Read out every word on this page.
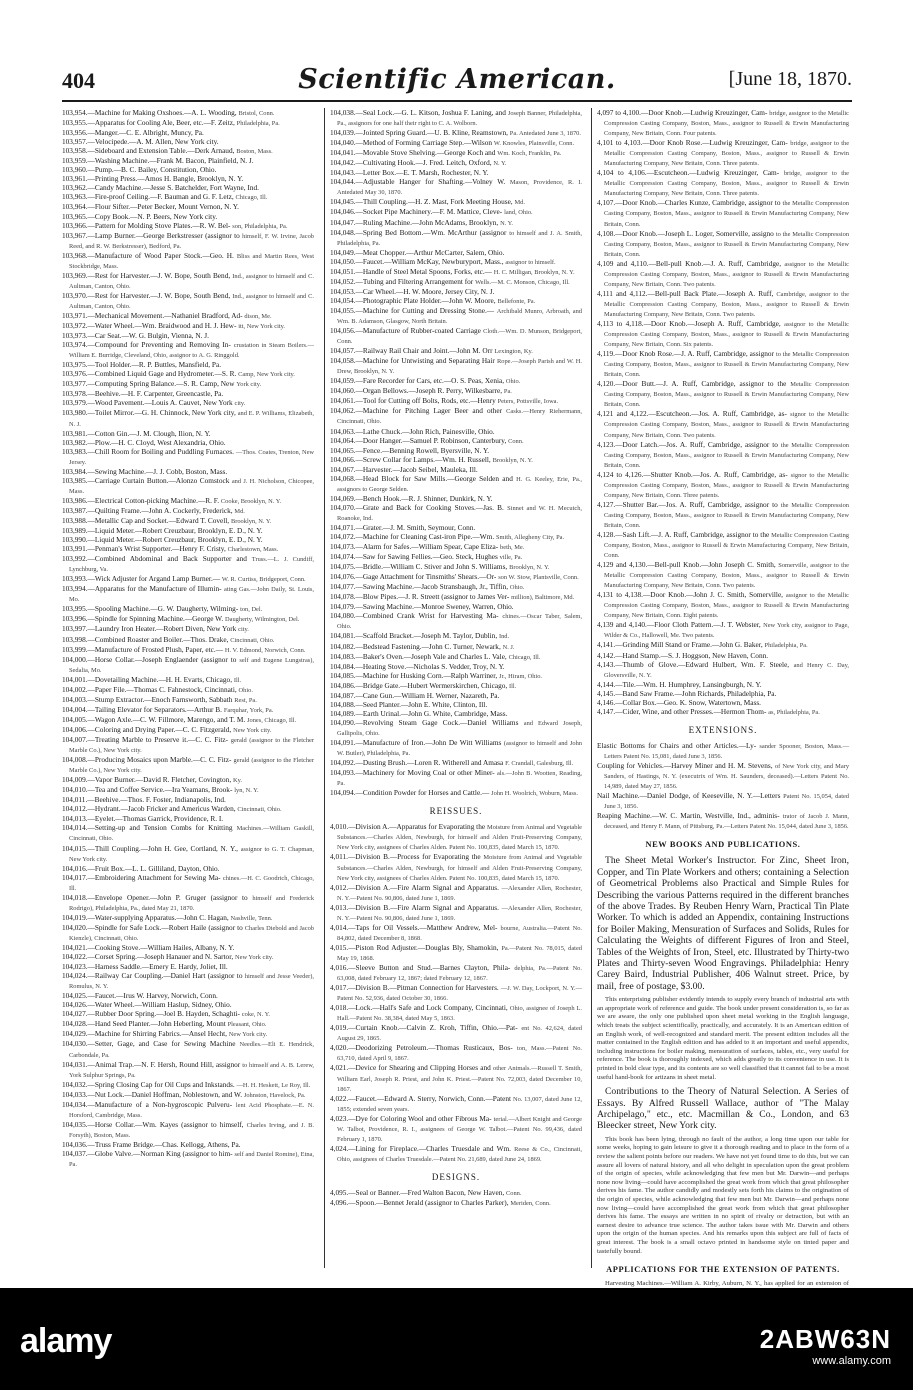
404	Scientific American.	[June 18, 1870.

103,954.—Machine for Making Oxshoes.—A. L. Wooding, Bristol, Conn.

103,955.—Apparatus for Cooling Ale, Beer, etc.—F. Zeitz, Philadelphia, Pa.

103,956.—Manger.—C. E. Albright, Muncy, Pa.

103,957.—Velocipede.—A. M. Allen, New York city.

103,958.—Sideboard and Extension Table.—Derk Arnaud, Boston, Mass.

103,959.—Washing Machine.—Frank M. Bacon, Plainfield, N. J.

103,960.—Pump.—B. C. Bailey, Constitution, Ohio.

103,961.—Printing Press.—Amos H. Bangle, Brooklyn, N. Y.

103,962.—Candy Machine.—Jesse S. Batchelder, Fort Wayne, Ind.

103,963.—Fire-proof Ceiling.—F. Bauman and G. F. Letz, Chicago, Ill.

103,964.—Flour Sifter.—Peter Becker, Mount Vernon, N. Y.

103,965.—Copy Book.—N. P. Beers, New York city.

103,966.—Pattern for Molding Stove Plates.—R. W. Bel- son, Philadelphia, Pa.

103,967.—Lamp Burner.—George Berkstresser (assignor to himself, F. W. Irvine, Jacob Reed, and R. W. Berkstresser), Bedford, Pa.

103,968.—Manufacture of Wood Paper Stock.—Geo. H. Bliss and Martin Rees, West Stockbridge, Mass.

103,969.—Rest for Harvester.—J. W. Bope, South Bend, Ind., assignor to himself and C. Aultman, Canton, Ohio.

103,970.—Rest for Harvester.—J. W. Bope, South Bend, Ind., assignor to himself and C. Aultman, Canton, Ohio.

103,971.—Mechanical Movement.—Nathaniel Bradford, Ad- dison, Me.

103,972.—Water Wheel.—Wm. Braidwood and H. J. Hew- itt, New York city.

103,973.—Car Seat.—W. G. Bulgin, Vienna, N. J.

103,974.—Compound for Preventing and Removing In- crustation in Steam Boilers.—William E. Burridge, Cleveland, Ohio, assignor to A. G. Ringgold.

103,975.—Tool Holder.—R. P. Buttles, Mansfield, Pa.

103,976.—Combined Liquid Gage and Hydrometer.—S. R. Camp, New York city.

103,977.—Computing Spring Balance.—S. R. Camp, New York city.

103,978.—Beehive.—H. F. Carpenter, Greencastle, Pa.

103,979.—Wood Pavement.—Louis A. Cauvet, New York city.

103,980.—Toilet Mirror.—G. H. Chinnock, New York city, and E. P. Williams, Elizabeth, N. J.

103,981.—Cotton Gin.—J. M. Clough, Ilion, N. Y.

103,982.—Plow.—H. C. Cloyd, West Alexandria, Ohio.

103,983.—Chill Room for Boiling and Puddling Furnaces. —Thos. Coates, Trenton, New Jersey.

103,984.—Sewing Machine.—J. J. Cobb, Boston, Mass.

103,985.—Carriage Curtain Button.—Alonzo Comstock and J. H. Nicholson, Chicopee, Mass.

103,986.—Electrical Cotton-picking Machine.—R. F. Cooke, Brooklyn, N. Y.

103,987.—Quilting Frame.—John A. Cockerly, Frederick, Md.

103,988.—Metallic Cap and Socket.—Edward T. Covell, Brooklyn, N. Y.

103,989.—Liquid Meter.—Robert Creuzbaur, Brooklyn, E. D., N. Y.

103,990.—Liquid Meter.—Robert Creuzbaur, Brooklyn, E. D., N. Y.

103,991.—Penman's Wrist Supporter.—Henry F. Cristy, Charlestown, Mass.

103,992.—Combined Abdominal and Back Supporter and Truss.—L. J. Cundiff, Lynchburg, Va.

103,993.—Wick Adjuster for Argand Lamp Burner.— W. R. Curtiss, Bridgeport, Conn.

103,994.—Apparatus for the Manufacture of Illumin- ating Gas.—John Daily, St. Louis, Mo.

103,995.—Spooling Machine.—G. W. Daugherty, Wilming- ton, Del.

103,996.—Spindle for Spinning Machine.—George W. Daugherty, Wilmington, Del.

103,997.—Laundry Iron Heater.—Robert Diven, New York city.

103,998.—Combined Roaster and Boiler.—Thos. Drake, Cincinnati, Ohio.

103,999.—Manufacture of Frosted Plush, Paper, etc.— H. V. Edmond, Norwich, Conn.

104,000.—Horse Collar.—Joseph Englaender (assignor to self and Eugene Lungstras), Sedalia, Mo.

104,001.—Dovetailing Machine.—H. H. Evarts, Chicago, Ill.

104,002.—Paper File.—Thomas C. Fahnestock, Cincinnati, Ohio.

104,003.—Stump Extractor.—Enoch Farnsworth, Sabbath Rest, Pa.

104,004.—Tailing Elevator for Separators.—Arthur B. Farquhar, York, Pa.

104,005.—Wagon Axle.—C. W. Fillmore, Marengo, and T. M. Jones, Chicago, Ill.

104,006.—Coloring and Drying Paper.—C. C. Fitzgerald, New York city.

104,007.—Treating Marble to Preserve it.—C. C. Fitz- gerald (assignor to the Fletcher Marble Co.), New York city.

104,008.—Producing Mosaics upon Marble.—C. C. Fitz- gerald (assignor to the Fletcher Marble Co.), New York city.

104,009.—Vapor Burner.—David R. Fletcher, Covington, Ky.

104,010.—Tea and Coffee Service.—Ira Yeamans, Brook- lyn, N. Y.

104,011.—Beehive.—Thos. F. Foster, Indianapolis, Ind.

104,012.—Hydrant.—Jacob Fricker and Americus Warden, Cincinnati, Ohio.

104,013.—Eyelet.—Thomas Garrick, Providence, R. I.

104,014.—Setting-up and Tension Combs for Knitting Machines.—William Gaskill, Cincinnati, Ohio.

104,015.—Thill Coupling.—John H. Gee, Cortland, N. Y., assignor to G. T. Chapman, New York city.

104,016.—Fruit Box.—L. L. Gilliland, Dayton, Ohio.

104,017.—Embroidering Attachment for Sewing Ma- chines.—H. C. Goodrich, Chicago, Ill.

104,018.—Envelope Opener.—John P. Gruger (assignor to himself and Frederick Rodrigo), Philadelphia, Pa., dated May 21, 1870.

104,019.—Water-supplying Apparatus.—John C. Hagan, Nashville, Tenn.

104,020.—Spindle for Safe Lock.—Robert Haile (assignor to Charles Diebold and Jacob Kienzle), Cincinnati, Ohio.

104,021.—Cooking Stove.—William Hailes, Albany, N. Y.

104,022.—Corset Spring.—Joseph Hanauer and N. Sartor, New York city.

104,023.—Harness Saddle.—Emery E. Hardy, Joliet, Ill.

104,024.—Railway Car Coupling.—Daniel Hart (assignor to himself and Jesse Veeder), Romulus, N. Y.

104,025.—Faucet.—Irus W. Harvey, Norwich, Conn.

104,026.—Water Wheel.—William Haslup, Sidney, Ohio.

104,027.—Rubber Door Spring.—Joel B. Hayden, Schaghti- coke, N. Y.

104,028.—Hand Seed Planter.—John Heberling, Mount Pleasant, Ohio.

104,029.—Machine for Shirring Fabrics.—Ansel Hecht, New York city.

104,030.—Setter, Gage, and Case for Sewing Machine Needles.—Eli E. Hendrick, Carbondale, Pa.

104,031.—Animal Trap.—N. F. Hersh, Round Hill, assignor to himself and A. B. Lerew, York Sulphur Springs, Pa.

104,032.—Spring Closing Cap for Oil Cups and Inkstands. —H. H. Heskett, Le Roy, Ill.

104,033.—Nut Lock.—Daniel Hoffman, Noblestown, and W. Johnston, Havelock, Pa.

104,034.—Manufacture of a Non-hygroscopic Pulveru- lent Acid Phosphate.—E. N. Horsford, Cambridge, Mass.

104,035.—Horse Collar.—Wm. Kayes (assignor to himself, Charles Irving, and J. B. Forsyth), Boston, Mass.

104,036.—Truss Frame Bridge.—Chas. Kellogg, Athens, Pa.

104,037.—Globe Valve.—Norman King (assignor to him- self and Daniel Romine), Etna, Pa.

104,038.—Seal Lock.—G. L. Kitson, Joshua F. Laning, and Joseph Banner, Philadelphia, Pa., assignors for one half their right to C. A. Wolborn.

104,039.—Jointed Spring Guard.—U. B. Kline, Reamstown, Pa. Antedated June 3, 1870.

104,040.—Method of Forming Carriage Step.—Wilson W. Knowles, Plainsville, Conn.

104,041.—Movable Stove Shelving.—George Koch and Wm. Koch, Franklin, Pa.

104,042.—Cultivating Hook.—J. Fred. Leitch, Oxford, N. Y.

104,043.—Letter Box.—E. T. Marsh, Rochester, N. Y.

104,044.—Adjustable Hanger for Shafting.—Volney W. Mason, Providence, R. I. Antedated May 30, 1870.

104,045.—Thill Coupling.—H. Z. Mast, Fork Meeting House, Md.

104,046.—Socket Pipe Machinery.—F. M. Mattice, Cleve- land, Ohio.

104,047.—Ruling Machine.—John McAdams, Brooklyn, N. Y.

104,048.—Spring Bed Bottom.—Wm. McArthur (assignor to himself and J. A. Smith, Philadelphia, Pa.

104,049.—Meat Chopper.—Arthur McCarter, Salem, Ohio.

104,050.—Faucet.—William McKay, Newburyport, Mass., assignor to himself.

104,051.—Handle of Steel Metal Spoons, Forks, etc.— H. C. Milligan, Brooklyn, N. Y.

104,052.—Tubing and Filtering Arrangement for Wells.—M. C. Monson, Chicago, Ill.

104,053.—Car Wheel.—H. W. Moore, Jersey City, N. J.

104,054.—Photographic Plate Holder.—John W. Moore, Bellefonte, Pa.

104,055.—Machine for Cutting and Dressing Stone.— Archibald Munro, Arbroath, and Wm. B. Adamson, Glasgow, North Britain.

104,056.—Manufacture of Rubber-coated Carriage Cloth.—Wm. D. Munson, Bridgeport, Conn.

104,057.—Railway Rail Chair and Joint.—John M. Orr Lexington, Ky.

104,058.—Machine for Untwisting and Separating Hair Rope.—Joseph Parish and W. H. Drew, Brooklyn, N. Y.

104,059.—Fare Recorder for Cars, etc.—O. S. Peas, Xenia, Ohio.

104,060.—Organ Bellows.—Joseph R. Perry, Wilkesbarre, Pa.

104,061.—Tool for Cutting off Bolts, Rods, etc.—Henry Peters, Pottsville, Iowa.

104,062.—Machine for Pitching Lager Beer and other Casks.—Henry Riehermann, Cincinnati, Ohio.

104,063.—Lathe Chuck.—John Rich, Painesville, Ohio.

104,064.—Door Hanger.—Samuel P. Robinson, Canterbury, Conn.

104,065.—Fence.—Benning Rowell, Byersville, N. Y.

104,066.—Screw Collar for Lamps.—Wm. H. Russell, Brooklyn, N. Y.

104,067.—Harvester.—Jacob Seibel, Mauleka, Ill.

104,068.—Head Block for Saw Mills.—George Selden and H. G. Keeley, Erie, Pa., assignors to George Selden.

104,069.—Bench Hook.—R. J. Shinner, Dunkirk, N. Y.

104,070.—Grate and Back for Cooking Stoves.—Jas. B. Sinnet and W. H. Mecutch, Roanoke, Ind.

104,071.—Grater.—J. M. Smith, Seymour, Conn.

104,072.—Machine for Cleaning Cast-iron Pipe.—Wm. Smith, Allegheny City, Pa.

104,073.—Alarm for Safes.—William Spear, Cape Eliza- beth, Me.

104,074.—Saw for Sawing Fellies.—Geo. Steck, Hughes ville, Pa.

104,075.—Bridle.—William C. Stiver and John S. Williams, Brooklyn, N. Y.

104,076.—Gage Attachment for Tinsmiths' Shears.—Or- son W. Stow, Plantsville, Conn.

104,077.—Sawing Machine.—Jacob Stransbaugh, Jr., Tiffin, Ohio.

104,078.—Blow Pipes.—J. R. Streett (assignor to James Ver- million), Baltimore, Md.

104,079.—Sawing Machine.—Monroe Sweney, Warren, Ohio.

104,080.—Combined Crank Wrist for Harvesting Ma- chines.—Oscar Taber, Salem, Ohio.

104,081.—Scaffold Bracket.—Joseph M. Taylor, Dublin, Ind.

104,082.—Bedstead Fastening.—John C. Turner, Newark, N. J.

104,083.—Baker's Oven.—Joseph Vale and Charles L. Vale, Chicago, Ill.

104,084.—Heating Stove.—Nicholas S. Vedder, Troy, N. Y.

104,085.—Machine for Husking Corn.—Ralph Warriner, Jr., Hiram, Ohio.

104,086.—Bridge Gate.—Hubert Wermerskirchen, Chicago, Ill.

104,087.—Cane Gun.—William H. Werner, Nazareth, Pa.

104,088.—Seed Planter.—John E. White, Clinton, Ill.

104,089.—Earth Urinal.—John G. White, Cambridge, Mass.

104,090.—Revolving Steam Gage Cock.—Daniel Williams and Edward Joseph, Gallipolis, Ohio.

104,091.—Manufacture of Iron.—John De Witt Williams (assignor to himself and John W. Butler), Philadelphia, Pa.

104,092.—Dusting Brush.—Loren R. Witherell and Amasa F. Crandall, Galesburg, Ill.

104,093.—Machinery for Moving Coal or other Miner- als.—John B. Wootten, Reading, Pa.

104,094.—Condition Powder for Horses and Cattle.— John H. Woolrich, Woburn, Mass.

REISSUES.

4,010.—Division A.—Apparatus for Evaporating the Moisture from Animal and Vegetable Substances.—Charles Alden, Newburgh, for himself and Alden Fruit-Preserving Company, New York city, assignees of Charles Alden. Patent No. 100,835, dated March 15, 1870.

4,011.—Division B.—Process for Evaporating the Moisture from Animal and Vegetable Substances.—Charles Alden, Newburgh, for himself and Alden Fruit-Preserving Company, New York city, assignees of Charles Alden. Patent No. 100,835, dated March 15, 1870.

4,012.—Division A.—Fire Alarm Signal and Apparatus. —Alexander Allen, Rochester, N. Y.—Patent No. 90,806, dated June 1, 1869.

4,013.—Division B.—Fire Alarm Signal and Apparatus. —Alexander Allen, Rochester, N. Y.—Patent No. 90,806, dated June 1, 1869.

4,014.—Taps for Oil Vessels.—Matthew Andrew, Mel- bourne, Australia.—Patent No. 84,802, dated December 8, 1868.

4,015.—Piston Rod Adjuster.—Douglas Bly, Shamokin, Pa.—Patent No. 78,015, dated May 19, 1868.

4,016.—Sleeve Button and Stud.—Barnes Clayton, Phila- delphia, Pa.—Patent No. 63,008, dated February 12, 1867; dated February 12, 1867.

4,017.—Division B.—Pitman Connection for Harvesters. —J. W. Day, Lockport, N. Y.—Patent No. 52,936, dated October 30, 1866.

4,018.—Lock.—Hall's Safe and Lock Company, Cincinnati, Ohio, assignee of Joseph L. Hall.—Patent No. 38,384, dated May 5, 1863.

4,019.—Curtain Knob.—Calvin Z. Kroh, Tiffin, Ohio.—Pat- ent No. 42,624, dated August 29, 1865.

4,020.—Deodorizing Petroleum.—Thomas Rusticaux, Bos- ton, Mass.—Patent No. 63,710, dated April 9, 1867.

4,021.—Device for Shearing and Clipping Horses and other Animals.—Russell T. Smith, William Earl, Joseph R. Priest, and John K. Priest.—Patent No. 72,003, dated December 10, 1867.

4,022.—Faucet.—Edward A. Sterry, Norwich, Conn.—Patent No. 13,007, dated June 12, 1855; extended seven years.

4,023.—Dye for Coloring Wool and other Fibrous Ma- terial.—Albert Knight and George W. Talbot, Providence, R. I., assignees of George W. Talbot.—Patent No. 99,436, dated February 1, 1870.

4,024.—Lining for Fireplace.—Charles Truesdale and Wm. Reese & Co., Cincinnati, Ohio, assignees of Charles Truesdale.—Patent No. 21,689, dated June 24, 1869.

DESIGNS.

4,095.—Seal or Banner.—Fred Walton Bacon, New Haven, Conn.

4,096.—Spoon.—Bennet Jerald (assignor to Charles Parker), Meriden, Conn.

4,097 to 4,100.—Door Knob.—Ludwig Kreuzinger, Cam- bridge, assignor to the Metallic Compression Casting Company, Boston, Mass., assignor to Russell & Erwin Manufacturing Company, New Britain, Conn. Four patents.

4,101 to 4,103.—Door Knob Rose.—Ludwig Kreuzinger, Cam- bridge, assignor to the Metallic Compression Casting Company, Boston, Mass., assignor to Russell & Erwin Manufacturing Company, New Britain, Conn. Three patents.

4,104 to 4,106.—Escutcheon.—Ludwig Kreuzinger, Cam- bridge, assignor to the Metallic Compression Casting Company, Boston, Mass., assignor to Russell & Erwin Manufacturing Company, New Britain, Conn. Three patents.

4,107.—Door Knob.—Charles Kunze, Cambridge, assignor to the Metallic Compression Casting Company, Boston, Mass., assignor to Russell & Erwin Manufacturing Company, New Britain, Conn.

4,108.—Door Knob.—Joseph L. Loger, Somerville, assigno to the Metallic Compression Casting Company, Boston, Mass., assignor to Russell & Erwin Manufacturing Company, New Britain, Conn.

4,109 and 4,110.—Bell-pull Knob.—J. A. Ruff, Cambridge, assignor to the Metallic Compression Casting Company, Boston, Mass., assignor to Russell & Erwin Manufacturing Company, New Britain, Conn. Two patents.

4,111 and 4,112.—Bell-pull Back Plate.—Joseph A. Ruff, Cambridge, assignor to the Metallic Compression Casting Company, Boston, Mass., assignor to Russell & Erwin Manufacturing Company, New Britain, Conn. Two patents.

4,113 to 4,118.—Door Knob.—Joseph A. Ruff, Cambridge, assignor to the Metallic Compression Casting Company, Boston, Mass., assignor to Russell & Erwin Manufacturing Company, New Britain, Conn. Six patents.

4,119.—Door Knob Rose.—J. A. Ruff, Cambridge, assignor to the Metallic Compression Casting Company, Boston, Mass., assignor to Russell & Erwin Manufacturing Company, New Britain, Conn.

4,120.—Door Butt.—J. A. Ruff, Cambridge, assignor to the Metallic Compression Casting Company, Boston, Mass., assignor to Russell & Erwin Manufacturing Company, New Britain, Conn.

4,121 and 4,122.—Escutcheon.—Jos. A. Ruff, Cambridge, as- signor to the Metallic Compression Casting Company, Boston, Mass., assignor to Russell & Erwin Manufacturing Company, New Britain, Conn. Two patents.

4,123.—Door Latch.—Jos. A. Ruff, Cambridge, assignor to the Metallic Compression Casting Company, Boston, Mass., assignor to Russell & Erwin Manufacturing Company, New Britain, Conn.

4,124 to 4,126.—Shutter Knob.—Jos. A. Ruff, Cambridge, as- signor to the Metallic Compression Casting Company, Boston, Mass., assignor to Russell & Erwin Manufacturing Company, New Britain, Conn. Three patents.

4,127.—Shutter Bar.—Jos. A. Ruff, Cambridge, assignor to the Metallic Compression Casting Company, Boston, Mass., assignor to Russell & Erwin Manufacturing Company, New Britain, Conn.

4,128.—Sash Lift.—J. A. Ruff, Cambridge, assignor to the Metallic Compression Casting Company, Boston, Mass., assignor to Russell & Erwin Manufacturing Company, New Britain, Conn.

4,129 and 4,130.—Bell-pull Knob.—John Joseph C. Smith, Somerville, assignor to the Metallic Compression Casting Company, Boston, Mass., assignor to Russell & Erwin Manufacturing Company, New Britain, Conn. Two patents.

4,131 to 4,138.—Door Knob.—John J. C. Smith, Somerville, assignor to the Metallic Compression Casting Company, Boston, Mass., assignor to Russell & Erwin Manufacturing Company, New Britain, Conn. Eight patents.

4,139 and 4,140.—Floor Cloth Pattern.—J. T. Webster, New York city, assignor to Page, Wilder & Co., Hallowell, Me. Two patents.

4,141.—Grinding Mill Stand or Frame.—John G. Baker, Philadelphia, Pa.

4,142.—Hand Stamp.—S. J. Hoggson, New Haven, Conn.

4,143.—Thumb of Glove.—Edward Hulbert, Wm. F. Steele, and Henry C. Day, Gloversville, N. Y.

4,144.—Tile.—Wm. H. Humphrey, Lansingburgh, N. Y.

4,145.—Band Saw Frame.—John Richards, Philadelphia, Pa.

4,146.—Collar Box.—Geo. K. Snow, Watertown, Mass.

4,147.—Cider, Wine, and other Presses.—Hermon Thom- as, Philadelphia, Pa.

EXTENSIONS.

Elastic Bottoms for Chairs and other Articles.—Ly- sander Spooner, Boston, Mass.—Letters Patent No. 15,081, dated June 3, 1856.

Coupling for Vehicles.—Harvey Miner and H. M. Stevens, of New York city, and Mary Sanders, of Hastings, N. Y. (executrix of Wm. H. Saunders, deceased).—Letters Patent No. 14,989, dated May 27, 1856.

Nail Machine.—Daniel Dodge, of Keeseville, N. Y.—Letters Patent No. 15,054, dated June 3, 1856.

Reaping Machine.—W. C. Martin, Westville, Ind., adminis- trator of Jacob J. Mann, deceased, and Henry F. Mann, of Pittsburg, Pa.—Letters Patent No. 15,044, dated June 3, 1856.

NEW BOOKS AND PUBLICATIONS.

The Sheet Metal Worker's Instructor. For Zinc, Sheet Iron, Copper, and Tin Plate Workers and others; containing a Selection of Geometrical Problems also Practical and Simple Rules for Describing the various Patterns required in the different branches of the above Trades. By Reuben Henry Warn, Practical Tin Plate Worker. To which is added an Appendix, containing Instructions for Boiler Making, Mensuration of Surfaces and Solids, Rules for Calculating the Weights of different Figures of Iron and Steel, Tables of the Weights of Iron, Steel, etc. Illustrated by Thirty-two Plates and Thirty-seven Wood Engravings. Philadelphia: Henry Carey Baird, Industrial Publisher, 406 Walnut street. Price, by mail, free of postage, $3.00.

This enterprising publisher evidently intends to supply every branch of industrial arts with an appropriate work of reference and guide. The book under present consideration is, so far as we are aware, the only one published upon sheet metal working in the English language, which treats the subject scientifically, practically, and accurately. It is an American edition of an English work, of well-recognized and standard merit. The present edition includes all the matter contained in the English edition and has added to it an important and useful appendix, including instructions for boiler making, mensuration of surfaces, tables, etc., very useful for reference. The book is thoroughly indexed, which adds greatly to its convenience in use. It is printed in bold clear type, and its contents are so well classified that it cannot fail to be a most useful hand-book for artizans in sheet metal.

Contributions to the Theory of Natural Selection. A Series of Essays. By Alfred Russell Wallace, author of "The Malay Archipelago," etc., etc. Macmillan & Co., London, and 63 Bleecker street, New York city.

This book has been lying, through no fault of the author, a long time upon our table for some weeks, hoping to gain leisure to give it a thorough reading and to place in the form of a review the salient points before our readers. We have not yet found time to do this, but we can assure all lovers of natural history, and all who delight in speculation upon the great problem of the origin of species, while acknowledging that few men but Mr. Darwin—and perhaps none now living—could have accomplished the great work from which that great philosopher derives his fame. The author candidly and modestly sets forth his claims to the origination of the origin of species, while acknowledging that few men but Mr. Darwin—and perhaps none now living—could have accomplished the great work from which that great philosopher derives his fame. The essays are written in no spirit of rivalry or detraction, but with an earnest desire to advance true science. The author takes issue with Mr. Darwin and others upon the origin of the human species. And his remarks upon this subject are full of facts of great interest. The book is a small octavo printed in handsome style on tinted paper and tastefully bound.

APPLICATIONS FOR THE EXTENSION OF PATENTS.

Harvesting Machines.—William A. Kirby, Auburn, N. Y., has applied for an extension of

alamy	2ABW63N
www.alamy.com
